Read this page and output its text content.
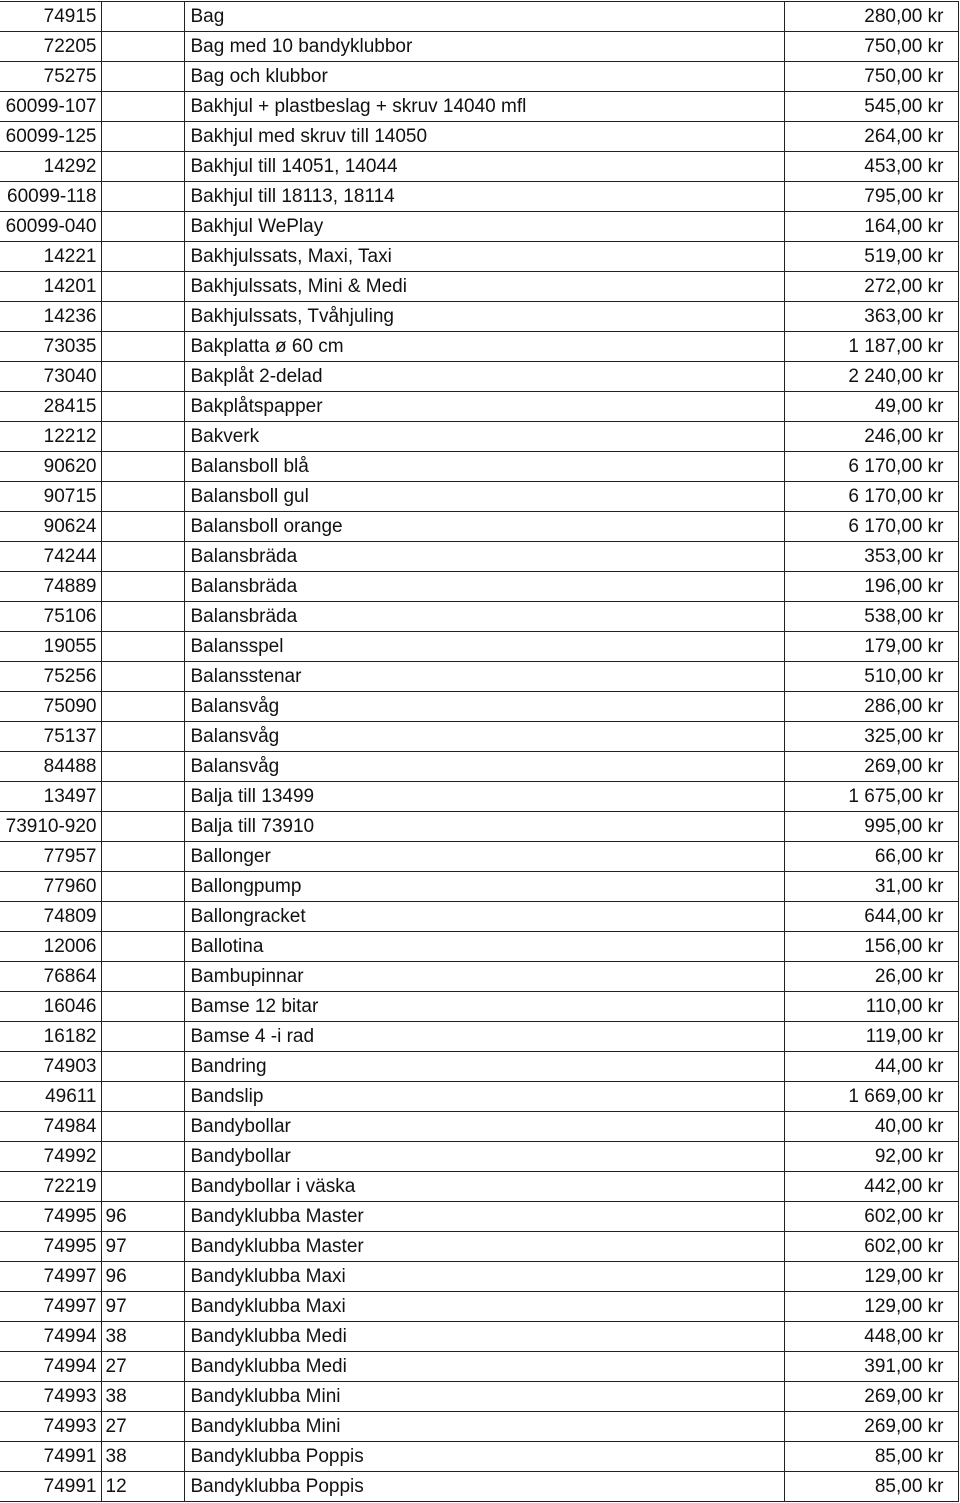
74915		Bag	280,00 kr
72205		Bag med 10 bandyklubbor	750,00 kr
75275		Bag och klubbor	750,00 kr
60099-107		Bakhjul + plastbeslag + skruv 14040 mfl	545,00 kr
60099-125		Bakhjul med skruv till 14050	264,00 kr
14292		Bakhjul till 14051, 14044	453,00 kr
60099-118		Bakhjul till 18113, 18114	795,00 kr
60099-040		Bakhjul WePlay	164,00 kr
14221		Bakhjulssats, Maxi, Taxi	519,00 kr
14201		Bakhjulssats, Mini & Medi	272,00 kr
14236		Bakhjulssats, Tvåhjuling	363,00 kr
73035		Bakplatta ø 60 cm	1 187,00 kr
73040		Bakplåt 2-delad	2 240,00 kr
28415		Bakplåtspapper	49,00 kr
12212		Bakverk	246,00 kr
90620		Balansboll blå	6 170,00 kr
90715		Balansboll gul	6 170,00 kr
90624		Balansboll orange	6 170,00 kr
74244		Balansbräda	353,00 kr
74889		Balansbräda	196,00 kr
75106		Balansbräda	538,00 kr
19055		Balansspel	179,00 kr
75256		Balansstenar	510,00 kr
75090		Balansvåg	286,00 kr
75137		Balansvåg	325,00 kr
84488		Balansvåg	269,00 kr
13497		Balja till 13499	1 675,00 kr
73910-920		Balja till 73910	995,00 kr
77957		Ballonger	66,00 kr
77960		Ballongpump	31,00 kr
74809		Ballongracket	644,00 kr
12006		Ballotina	156,00 kr
76864		Bambupinnar	26,00 kr
16046		Bamse 12 bitar	110,00 kr
16182		Bamse 4 -i rad	119,00 kr
74903		Bandring	44,00 kr
49611		Bandslip	1 669,00 kr
74984		Bandybollar	40,00 kr
74992		Bandybollar	92,00 kr
72219		Bandybollar i väska	442,00 kr
74995	96	Bandyklubba Master	602,00 kr
74995	97	Bandyklubba Master	602,00 kr
74997	96	Bandyklubba Maxi	129,00 kr
74997	97	Bandyklubba Maxi	129,00 kr
74994	38	Bandyklubba Medi	448,00 kr
74994	27	Bandyklubba Medi	391,00 kr
74993	38	Bandyklubba Mini	269,00 kr
74993	27	Bandyklubba Mini	269,00 kr
74991	38	Bandyklubba Poppis	85,00 kr
74991	12	Bandyklubba Poppis	85,00 kr
